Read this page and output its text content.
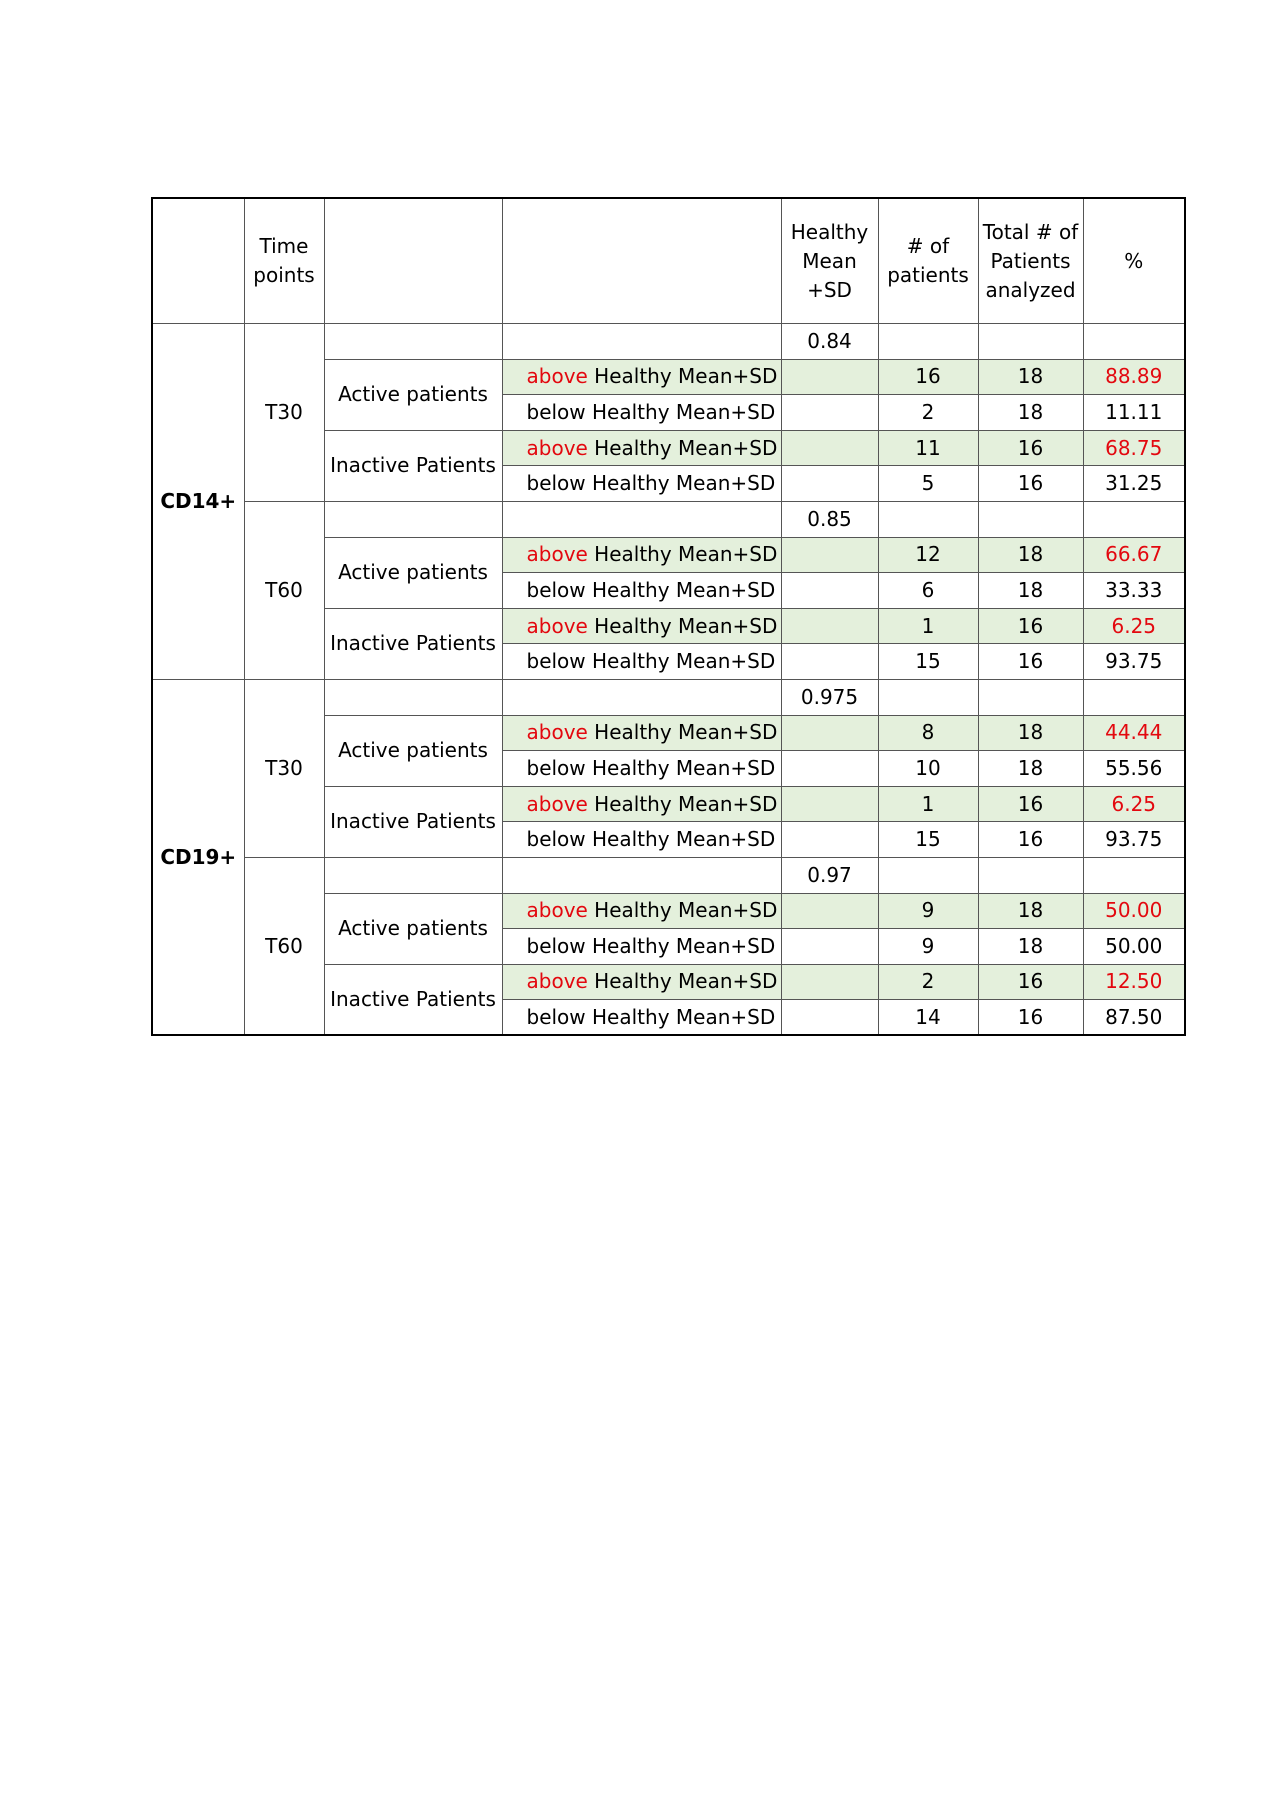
	Time points			Healthy Mean +SD	# of patients	Total # of Patients analyzed	%
CD14+	T30			0.84			
		Active patients	above Healthy Mean+SD		16	18	88.89
			below Healthy Mean+SD		2	18	11.11
		Inactive Patients	above Healthy Mean+SD		11	16	68.75
			below Healthy Mean+SD		5	16	31.25
	T60			0.85			
		Active patients	above Healthy Mean+SD		12	18	66.67
			below Healthy Mean+SD		6	18	33.33
		Inactive Patients	above Healthy Mean+SD		1	16	6.25
			below Healthy Mean+SD		15	16	93.75
CD19+	T30			0.975			
		Active patients	above Healthy Mean+SD		8	18	44.44
			below Healthy Mean+SD		10	18	55.56
		Inactive Patients	above Healthy Mean+SD		1	16	6.25
			below Healthy Mean+SD		15	16	93.75
	T60			0.97			
		Active patients	above Healthy Mean+SD		9	18	50.00
			below Healthy Mean+SD		9	18	50.00
		Inactive Patients	above Healthy Mean+SD		2	16	12.50
			below Healthy Mean+SD		14	16	87.50
